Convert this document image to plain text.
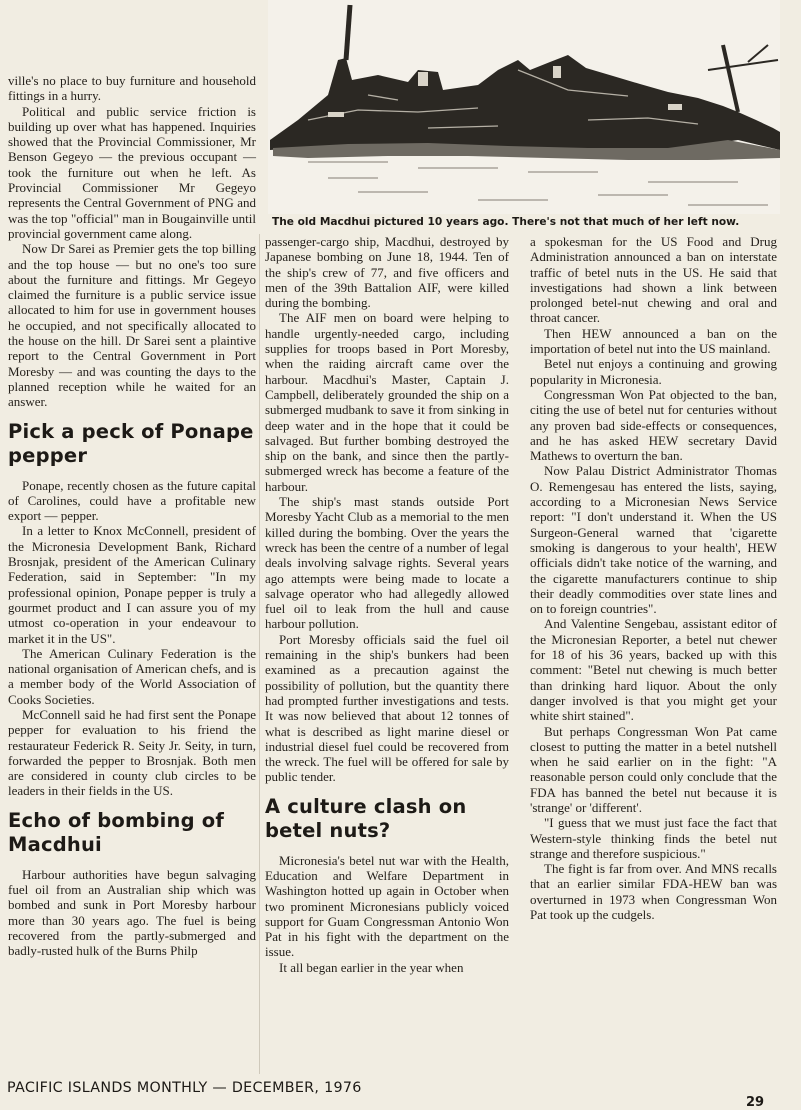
The old Macdhui pictured 10 years ago. There's not that much of her left now.

ville's no place to buy furniture and household fittings in a hurry.

Political and public service friction is building up over what has happened. Inquiries showed that the Provincial Commissioner, Mr Benson Gegeyo — the previous occupant — took the furniture out when he left. As Provincial Commissioner Mr Gegeyo represents the Central Government of PNG and was the top "official" man in Bougainville until provincial government came along.

Now Dr Sarei as Premier gets the top billing and the top house — but no one's too sure about the furniture and fittings. Mr Gegeyo claimed the furniture is a public service issue allocated to him for use in government houses he occupied, and not specifically allocated to the house on the hill. Dr Sarei sent a plaintive report to the Central Government in Port Moresby — and was counting the days to the planned reception while he waited for an answer.

Pick a peck of Ponape pepper

Ponape, recently chosen as the future capital of Carolines, could have a profitable new export — pepper.

In a letter to Knox McConnell, president of the Micronesia Development Bank, Richard Brosnjak, president of the American Culinary Federation, said in September: "In my professional opinion, Ponape pepper is truly a gourmet product and I can assure you of my utmost co-operation in your endeavour to market it in the US".

The American Culinary Federation is the national organisation of American chefs, and is a member body of the World Association of Cooks Societies.

McConnell said he had first sent the Ponape pepper for evaluation to his friend the restaurateur Federick R. Seity Jr. Seity, in turn, forwarded the pepper to Brosnjak. Both men are considered in county club circles to be leaders in their fields in the US.

Echo of bombing of Macdhui

Harbour authorities have begun salvaging fuel oil from an Australian ship which was bombed and sunk in Port Moresby harbour more than 30 years ago. The fuel is being recovered from the partly-submerged and badly-rusted hulk of the Burns Philp

passenger-cargo ship, Macdhui, destroyed by Japanese bombing on June 18, 1944. Ten of the ship's crew of 77, and five officers and men of the 39th Battalion AIF, were killed during the bombing.

The AIF men on board were helping to handle urgently-needed cargo, including supplies for troops based in Port Moresby, when the raiding aircraft came over the harbour. Macdhui's Master, Captain J. Campbell, deliberately grounded the ship on a submerged mudbank to save it from sinking in deep water and in the hope that it could be salvaged. But further bombing destroyed the ship on the bank, and since then the partly-submerged wreck has become a feature of the harbour.

The ship's mast stands outside Port Moresby Yacht Club as a memorial to the men killed during the bombing. Over the years the wreck has been the centre of a number of legal deals involving salvage rights. Several years ago attempts were being made to locate a salvage operator who had allegedly allowed fuel oil to leak from the hull and cause harbour pollution.

Port Moresby officials said the fuel oil remaining in the ship's bunkers had been examined as a precaution against the possibility of pollution, but the quantity there had prompted further investigations and tests. It was now believed that about 12 tonnes of what is described as light marine diesel or industrial diesel fuel could be recovered from the wreck. The fuel will be offered for sale by public tender.

A culture clash on betel nuts?

Micronesia's betel nut war with the Health, Education and Welfare Department in Washington hotted up again in October when two prominent Micronesians publicly voiced support for Guam Congressman Antonio Won Pat in his fight with the department on the issue.

It all began earlier in the year when

a spokesman for the US Food and Drug Administration announced a ban on interstate traffic of betel nuts in the US. He said that investigations had shown a link between prolonged betel-nut chewing and oral and throat cancer.

Then HEW announced a ban on the importation of betel nut into the US mainland.

Betel nut enjoys a continuing and growing popularity in Micronesia.

Congressman Won Pat objected to the ban, citing the use of betel nut for centuries without any proven bad side-effects or consequences, and he has asked HEW secretary David Mathews to overturn the ban.

Now Palau District Administrator Thomas O. Remengesau has entered the lists, saying, according to a Micronesian News Service report: "I don't understand it. When the US Surgeon-General warned that 'cigarette smoking is dangerous to your health', HEW officials didn't take notice of the warning, and the cigarette manufacturers continue to ship their deadly commodities over state lines and on to foreign countries".

And Valentine Sengebau, assistant editor of the Micronesian Reporter, a betel nut chewer for 18 of his 36 years, backed up with this comment: "Betel nut chewing is much better than drinking hard liquor. About the only danger involved is that you might get your white shirt stained".

But perhaps Congressman Won Pat came closest to putting the matter in a betel nutshell when he said earlier on in the fight: "A reasonable person could only conclude that the FDA has banned the betel nut because it is 'strange' or 'different'.

"I guess that we must just face the fact that Western-style thinking finds the betel nut strange and therefore suspicious."

The fight is far from over. And MNS recalls that an earlier similar FDA-HEW ban was overturned in 1973 when Congressman Won Pat took up the cudgels.

PACIFIC ISLANDS MONTHLY — DECEMBER, 1976
29
